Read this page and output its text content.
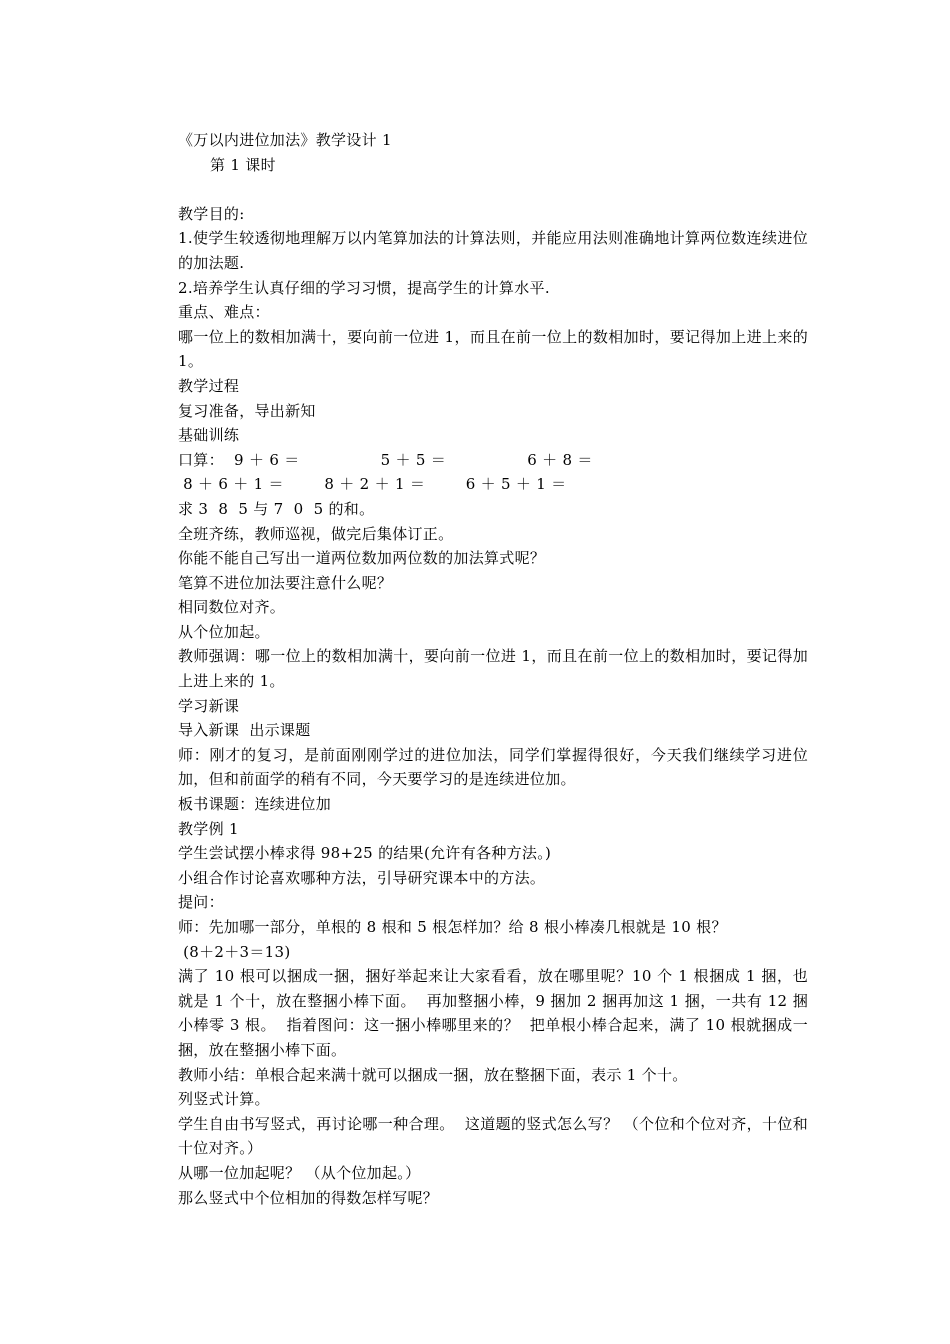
《万以内进位加法》教学设计 1

第 1 课时

教学目的:

1.使学生较透彻地理解万以内笔算加法的计算法则，并能应用法则准确地计算两位数连续进位的加法题.

2.培养学生认真仔细的学习习惯，提高学生的计算水平.

重点、难点：

哪一位上的数相加满十，要向前一位进 1，而且在前一位上的数相加时，要记得加上进上来的 1。

教学过程

复习准备，导出新知

基础训练

口算：  9 ＋ 6 ＝                5 ＋ 5 ＝                6 ＋ 8 ＝

8 ＋ 6 ＋ 1 ＝        8 ＋ 2 ＋ 1 ＝        6 ＋ 5 ＋ 1 ＝

求 3  8  5 与 7  0  5 的和。

全班齐练，教师巡视，做完后集体订正。

你能不能自己写出一道两位数加两位数的加法算式呢？

笔算不进位加法要注意什么呢？

相同数位对齐。

从个位加起。

教师强调：哪一位上的数相加满十，要向前一位进 1，而且在前一位上的数相加时，要记得加上进上来的 1。

学习新课

导入新课  出示课题

师：刚才的复习，是前面刚刚学过的进位加法，同学们掌握得很好，今天我们继续学习进位加，但和前面学的稍有不同，今天要学习的是连续进位加。

板书课题：连续进位加

教学例 1

学生尝试摆小棒求得 98+25 的结果(允许有各种方法。)

小组合作讨论喜欢哪种方法，引导研究课本中的方法。

提问：

师：先加哪一部分，单根的 8 根和 5 根怎样加？给 8 根小棒凑几根就是 10 根？

(8＋2＋3＝13)

满了 10 根可以捆成一捆，捆好举起来让大家看看，放在哪里呢？10 个 1 根捆成 1 捆，也就是 1 个十，放在整捆小棒下面。  再加整捆小棒，9 捆加 2 捆再加这 1 捆，一共有 12 捆小棒零 3 根。  指着图问：这一捆小棒哪里来的？  把单根小棒合起来，满了 10 根就捆成一捆，放在整捆小棒下面。

教师小结：单根合起来满十就可以捆成一捆，放在整捆下面，表示 1 个十。

列竖式计算。

学生自由书写竖式，再讨论哪一种合理。  这道题的竖式怎么写？ （个位和个位对齐，十位和十位对齐。）

从哪一位加起呢？ （从个位加起。）

那么竖式中个位相加的得数怎样写呢？
